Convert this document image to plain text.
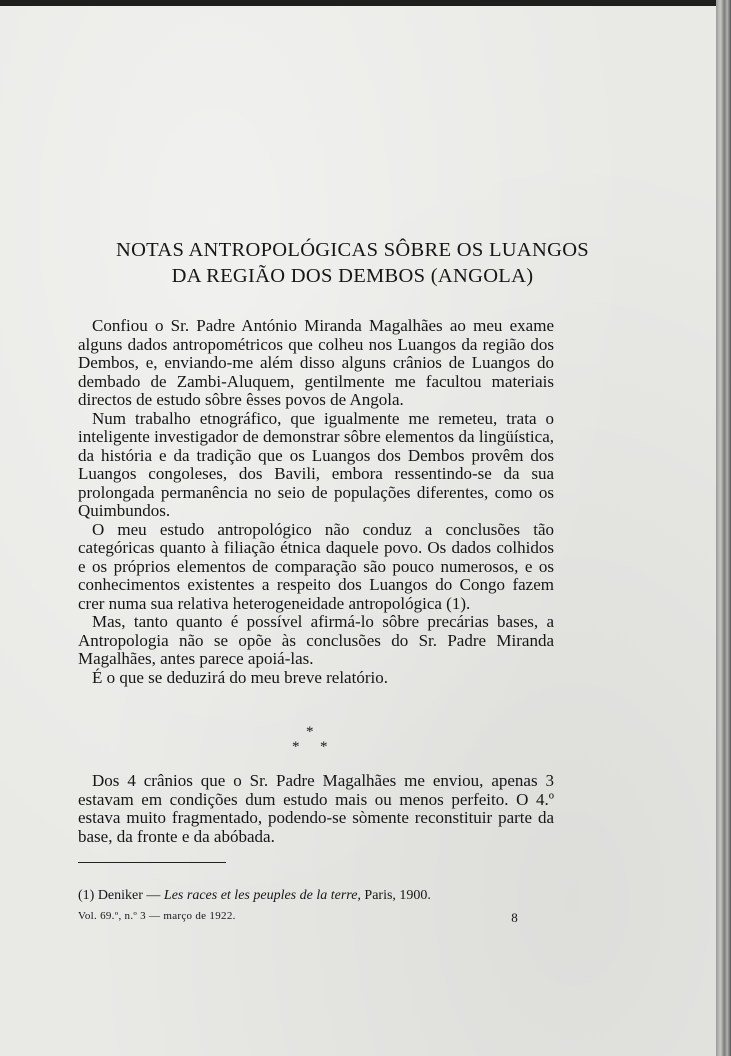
NOTAS ANTROPOLÓGICAS SÔBRE OS LUANGOS
DA REGIÃO DOS DEMBOS (ANGOLA)

Confiou o Sr. Padre António Miranda Magalhães ao meu exame alguns dados antropométricos que colheu nos Luangos da região dos Dembos, e, enviando-me além disso alguns crânios de Luangos do dembado de Zambi-Aluquem, gentilmente me facultou materiais directos de estudo sôbre êsses povos de Angola.

Num trabalho etnográfico, que igualmente me remeteu, trata o inteligente investigador de demonstrar sôbre elementos da lingüística, da história e da tradição que os Luangos dos Dembos provêm dos Luangos congoleses, dos Bavili, embora ressentindo-se da sua prolongada permanência no seio de populações diferentes, como os Quimbundos.

O meu estudo antropológico não conduz a conclusões tão categóricas quanto à filiação étnica daquele povo. Os dados colhidos e os próprios elementos de comparação são pouco numerosos, e os conhecimentos existentes a respeito dos Luangos do Congo fazem crer numa sua relativa heterogeneidade antropológica (1).

Mas, tanto quanto é possível afirmá-lo sôbre precárias bases, a Antropologia não se opõe às conclusões do Sr. Padre Miranda Magalhães, antes parece apoiá-las.

É o que se deduzirá do meu breve relatório.

*
* *

Dos 4 crânios que o Sr. Padre Magalhães me enviou, apenas 3 estavam em condições dum estudo mais ou menos perfeito. O 4.º estava muito fragmentado, podendo-se sòmente reconstituir parte da base, da fronte e da abóbada.

(1) Deniker — Les races et les peuples de la terre, Paris, 1900.
Vol. 69.º, n.º 3 — março de 1922.	8
